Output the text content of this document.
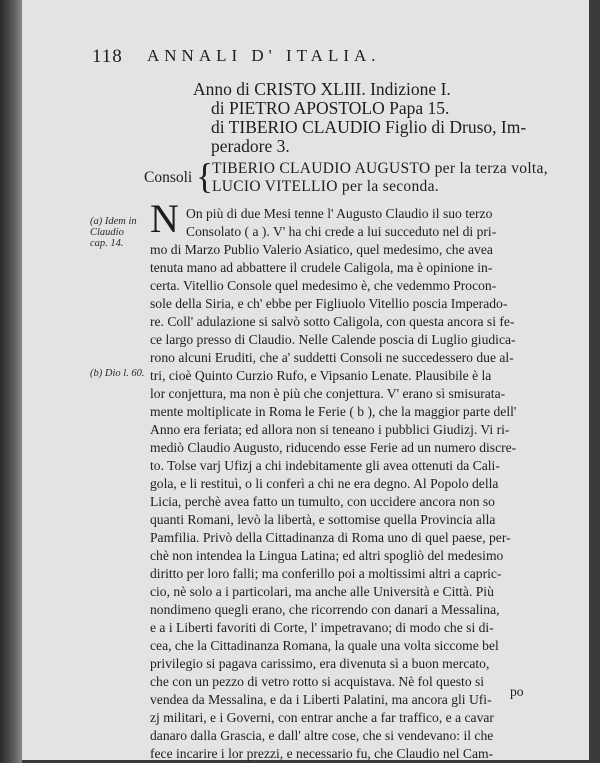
118 ANNALI D' ITALIA.
Anno di CRISTO XLIII. Indizione I.
di PIETRO APOSTOLO Papa 15.
di TIBERIO CLAUDIO Figlio di Druso, Im-
peradore 3.
Consoli {
TIBERIO CLAUDIO AUGUSTO per la terza volta,
LUCIO VITELLIO per la seconda.
(a) Idem in
Claudio
cap. 14.
(b) Dio l. 60.
N On più di due Mesi tenne l' Augusto Claudio il suo terzo
Consolato ( a ). V' ha chi crede a lui succeduto nel di pri-
mo di Marzo Publio Valerio Asiatico, quel medesimo, che avea
tenuta mano ad abbattere il crudele Caligola, ma è opinione in-
certa. Vitellio Console quel medesimo è, che vedemmo Procon-
sole della Siria, e ch' ebbe per Figliuolo Vitellio poscia Imperado-
re. Coll' adulazione si salvò sotto Caligola, con questa ancora si fe-
ce largo presso di Claudio. Nelle Calende poscia di Luglio giudica-
rono alcuni Eruditi, che a' suddetti Consoli ne succedessero due al-
tri, cioè Quinto Curzio Rufo, e Vipsanio Lenate. Plausibile è la
lor conjettura, ma non è più che conjettura. V' erano sì smisurata-
mente moltiplicate in Roma le Ferie ( b ), che la maggior parte dell'
Anno era feriata; ed allora non si teneano i pubblici Giudizj. Vi ri-
mediò Claudio Augusto, riducendo esse Ferie ad un numero discre-
to. Tolse varj Ufizj a chi indebitamente gli avea ottenuti da Cali-
gola, e li restituì, o li conferì a chi ne era degno. Al Popolo della
Licia, perchè avea fatto un tumulto, con uccidere ancora non so
quanti Romani, levò la libertà, e sottomise quella Provincia alla
Pamfilia. Privò della Cittadinanza di Roma uno di quel paese, per-
chè non intendea la Lingua Latina; ed altri spogliò del medesimo
diritto per loro falli; ma conferillo poi a moltissimi altri a capric-
cio, nè solo a i particolari, ma anche alle Università e Città. Più
nondimeno quegli erano, che ricorrendo con danari a Messalina,
e a i Liberti favoriti di Corte, l' impetravano; di modo che si di-
cea, che la Cittadinanza Romana, la quale una volta siccome bel
privilegio si pagava carissimo, era divenuta sì a buon mercato,
che con un pezzo di vetro rotto si acquistava. Nè fol questo si
vendea da Messalina, e da i Liberti Palatini, ma ancora gli Ufi-
zj militari, e i Governi, con entrar anche a far traffico, e a cavar
danaro dalla Grascia, e dall' altre cose, che si vendevano: il che
fece incarire i lor prezzi, e necessario fu, che Claudio nel Cam-
po
